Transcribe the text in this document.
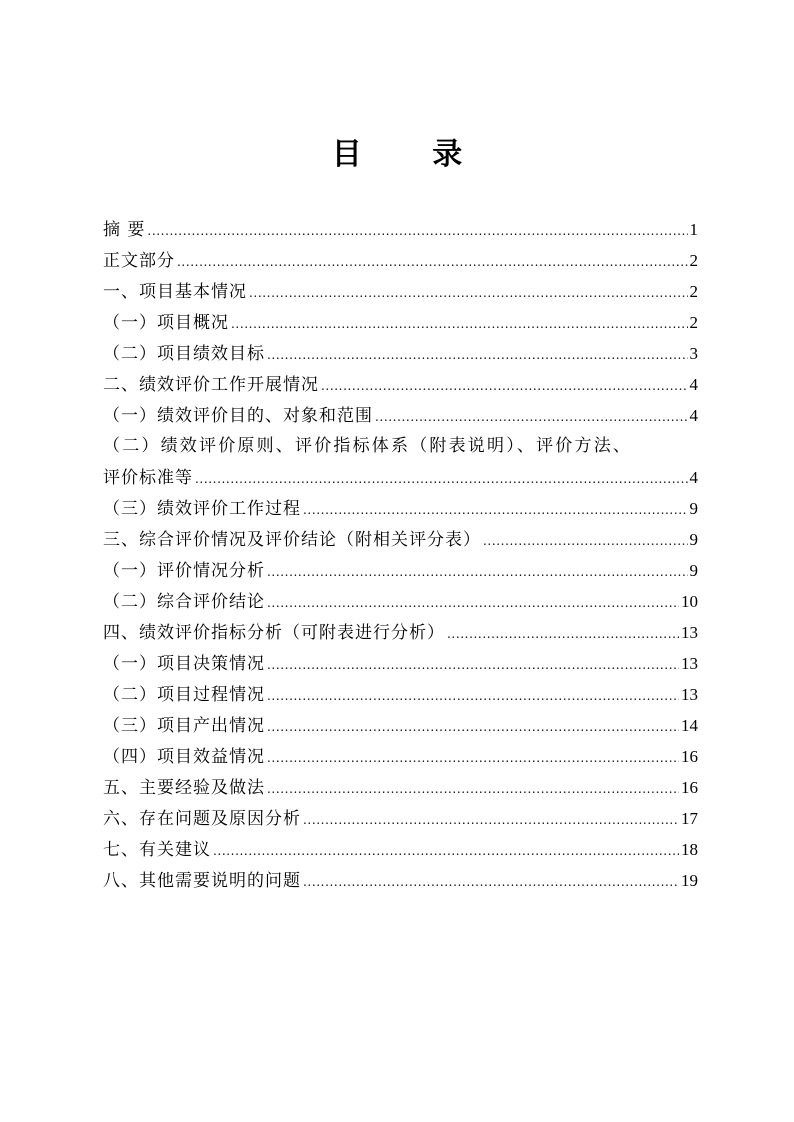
目 录
摘 要 .....	1
正文部分 .....	2
一、项目基本情况 .....	2
（一）项目概况 .....	2
（二）项目绩效目标 .....	3
二、绩效评价工作开展情况 .....	4
（一）绩效评价目的、对象和范围 .....	4
（二）绩效评价原则、评价指标体系（附表说明）、评价方法、
评价标准等 .....	4
（三）绩效评价工作过程 .....	9
三、综合评价情况及评价结论（附相关评分表） .....	9
（一）评价情况分析 .....	9
（二）综合评价结论 .....	10
四、绩效评价指标分析（可附表进行分析） .....	13
（一）项目决策情况 .....	13
（二）项目过程情况 .....	13
（三）项目产出情况 .....	14
（四）项目效益情况 .....	16
五、主要经验及做法 .....	16
六、存在问题及原因分析 .....	17
七、有关建议 .....	18
八、其他需要说明的问题 .....	19
